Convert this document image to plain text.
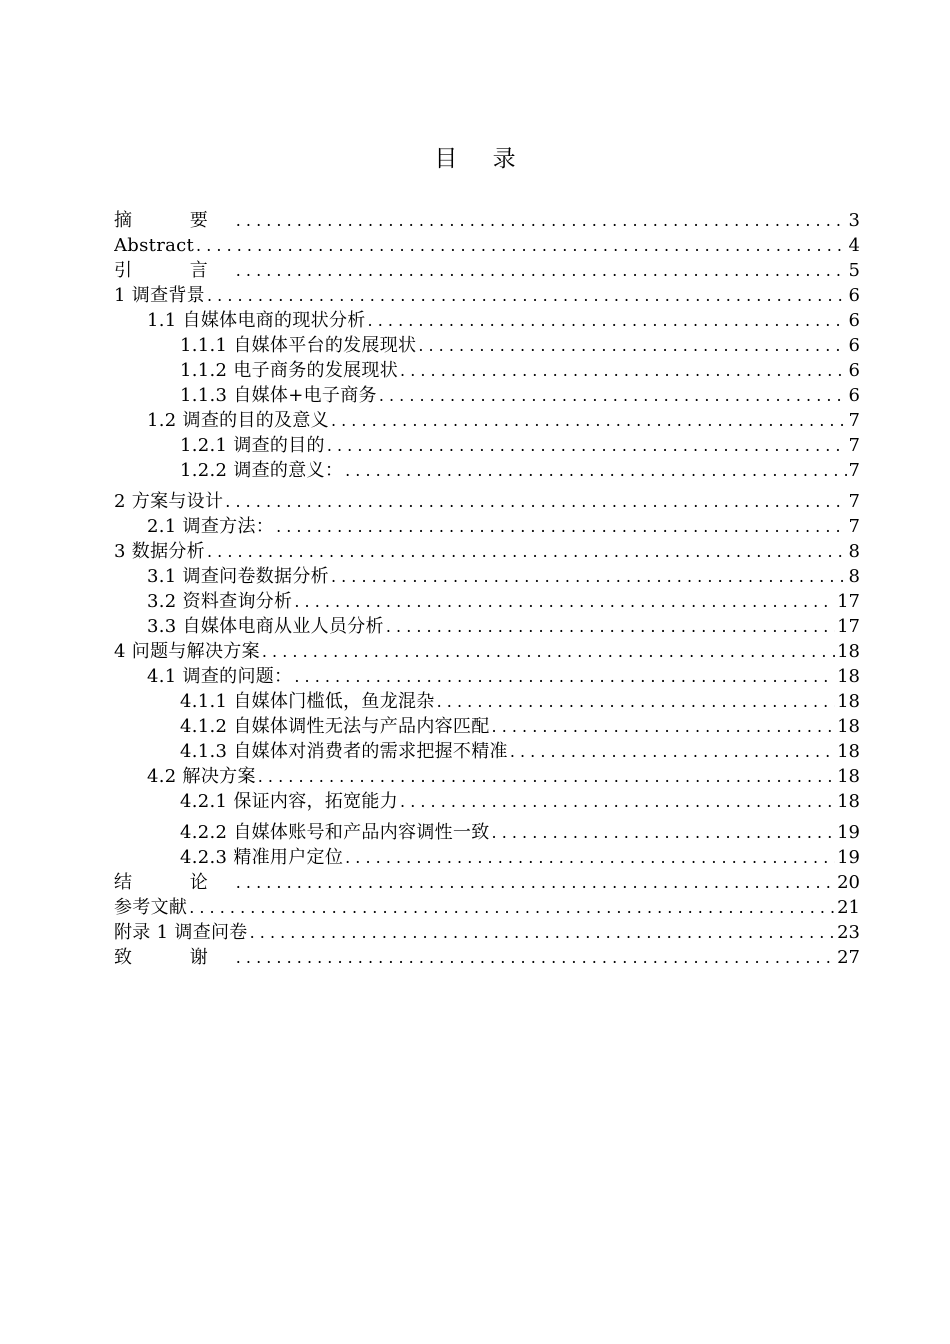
目 录
摘 要 . . .	3
Abstract . . .	4
引 言 . . .	5
1 调查背景 . . .	6
1.1 自媒体电商的现状分析 . . .	6
1.1.1 自媒体平台的发展现状 . . .	6
1.1.2 电子商务的发展现状 . . .	6
1.1.3 自媒体+电子商务 . . .	6
1.2 调查的目的及意义 . . .	7
1.2.1 调查的目的 . . .	7
1.2.2 调查的意义： . . .	7
2 方案与设计 . . .	7
2.1 调查方法： . . .	7
3 数据分析 . . .	8
3.1 调查问卷数据分析 . . .	8
3.2 资料查询分析 . . .	17
3.3 自媒体电商从业人员分析 . . .	17
4 问题与解决方案 . . .	18
4.1 调查的问题： . . .	18
4.1.1 自媒体门槛低，鱼龙混杂 . . .	18
4.1.2 自媒体调性无法与产品内容匹配 . . .	18
4.1.3 自媒体对消费者的需求把握不精准 . . .	18
4.2 解决方案 . . .	18
4.2.1 保证内容，拓宽能力 . . .	18
4.2.2 自媒体账号和产品内容调性一致 . . .	19
4.2.3 精准用户定位 . . .	19
结 论 . . .	20
参考文献 . . .	21
附录 1 调查问卷 . . .	23
致 谢 . . .	27
